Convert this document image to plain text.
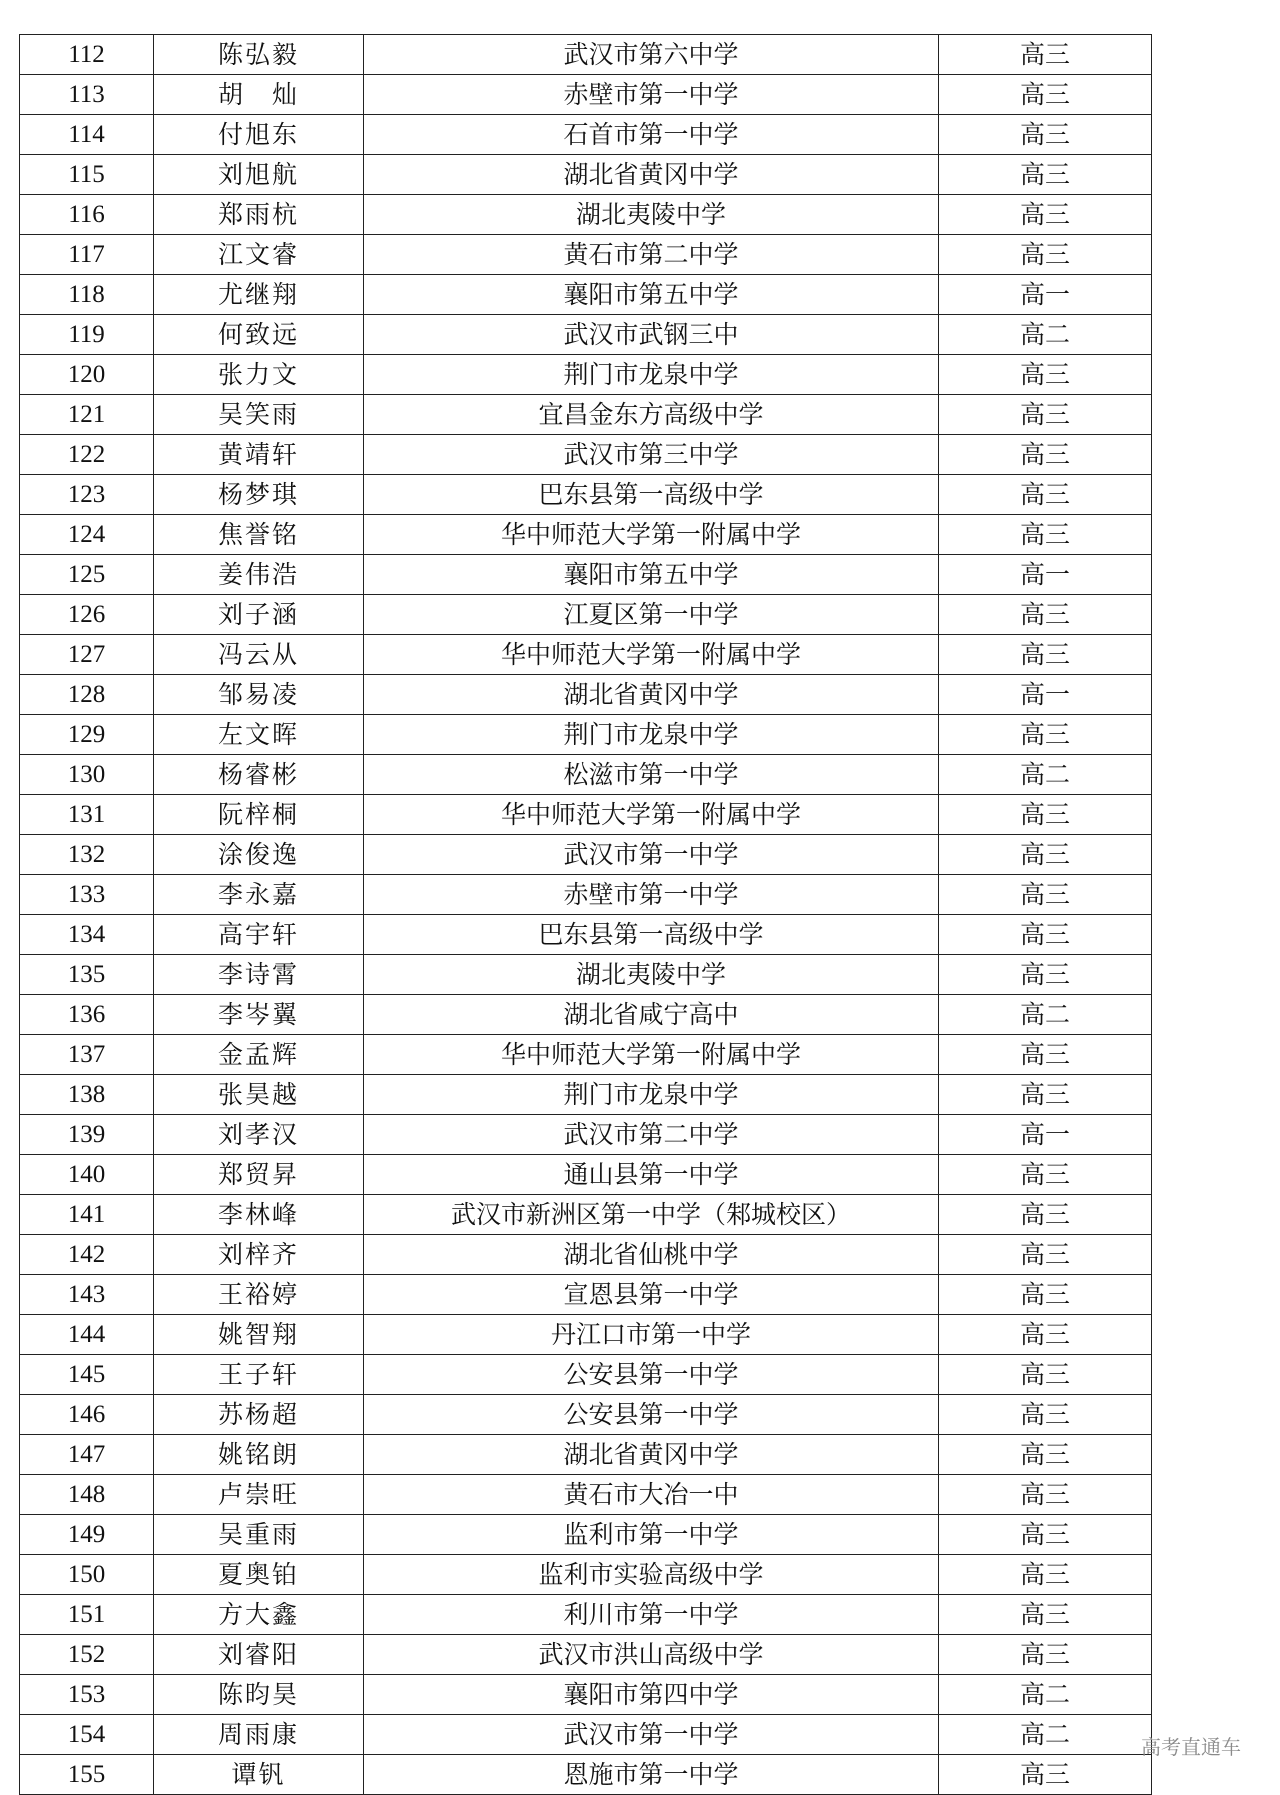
112	陈弘毅	武汉市第六中学	高三
113	胡　灿	赤壁市第一中学	高三
114	付旭东	石首市第一中学	高三
115	刘旭航	湖北省黄冈中学	高三
116	郑雨杭	湖北夷陵中学	高三
117	江文睿	黄石市第二中学	高三
118	尤继翔	襄阳市第五中学	高一
119	何致远	武汉市武钢三中	高二
120	张力文	荆门市龙泉中学	高三
121	吴笑雨	宜昌金东方高级中学	高三
122	黄靖轩	武汉市第三中学	高三
123	杨梦琪	巴东县第一高级中学	高三
124	焦誉铭	华中师范大学第一附属中学	高三
125	姜伟浩	襄阳市第五中学	高一
126	刘子涵	江夏区第一中学	高三
127	冯云从	华中师范大学第一附属中学	高三
128	邹易凌	湖北省黄冈中学	高一
129	左文晖	荆门市龙泉中学	高三
130	杨睿彬	松滋市第一中学	高二
131	阮梓桐	华中师范大学第一附属中学	高三
132	涂俊逸	武汉市第一中学	高三
133	李永嘉	赤壁市第一中学	高三
134	高宇轩	巴东县第一高级中学	高三
135	李诗霄	湖北夷陵中学	高三
136	李岑翼	湖北省咸宁高中	高二
137	金孟辉	华中师范大学第一附属中学	高三
138	张昊越	荆门市龙泉中学	高三
139	刘孝汉	武汉市第二中学	高一
140	郑贸昇	通山县第一中学	高三
141	李林峰	武汉市新洲区第一中学（邾城校区）	高三
142	刘梓齐	湖北省仙桃中学	高三
143	王裕婷	宣恩县第一中学	高三
144	姚智翔	丹江口市第一中学	高三
145	王子轩	公安县第一中学	高三
146	苏杨超	公安县第一中学	高三
147	姚铭朗	湖北省黄冈中学	高三
148	卢崇旺	黄石市大冶一中	高三
149	吴重雨	监利市第一中学	高三
150	夏奥铂	监利市实验高级中学	高三
151	方大鑫	利川市第一中学	高三
152	刘睿阳	武汉市洪山高级中学	高三
153	陈昀昊	襄阳市第四中学	高二
154	周雨康	武汉市第一中学	高二
155	谭钒	恩施市第一中学	高三
高考直通车
